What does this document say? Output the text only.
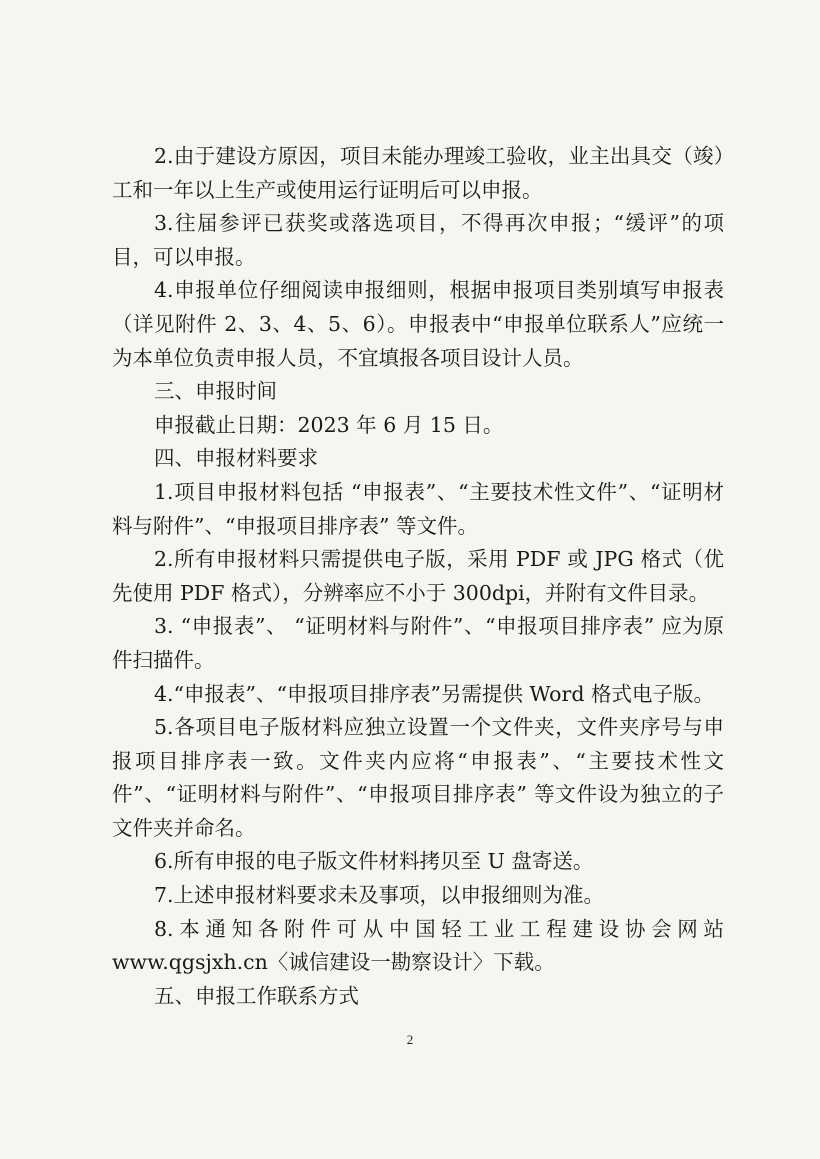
2.由于建设方原因，项目未能办理竣工验收，业主出具交（竣）工和一年以上生产或使用运行证明后可以申报。

3.往届参评已获奖或落选项目，不得再次申报；“缓评”的项目，可以申报。

4.申报单位仔细阅读申报细则，根据申报项目类别填写申报表（详见附件 2、3、4、5、6）。申报表中“申报单位联系人”应统一为本单位负责申报人员，不宜填报各项目设计人员。

三、申报时间

申报截止日期：2023 年 6 月 15 日。

四、申报材料要求

1.项目申报材料包括 “申报表”、“主要技术性文件”、“证明材料与附件”、“申报项目排序表” 等文件。

2.所有申报材料只需提供电子版，采用 PDF 或 JPG 格式（优先使用 PDF 格式），分辨率应不小于 300dpi，并附有文件目录。

3. “申报表”、 “证明材料与附件”、“申报项目排序表” 应为原件扫描件。

4.“申报表”、“申报项目排序表”另需提供 Word 格式电子版。

5.各项目电子版材料应独立设置一个文件夹，文件夹序号与申报项目排序表一致。文件夹内应将“申报表”、“主要技术性文件”、“证明材料与附件”、“申报项目排序表” 等文件设为独立的子文件夹并命名。

6.所有申报的电子版文件材料拷贝至 U 盘寄送。

7.上述申报材料要求未及事项，以申报细则为准。

8.本通知各附件可从中国轻工业工程建设协会网站 www.qgsjxh.cn〈诚信建设一勘察设计〉下载。

五、申报工作联系方式

2
